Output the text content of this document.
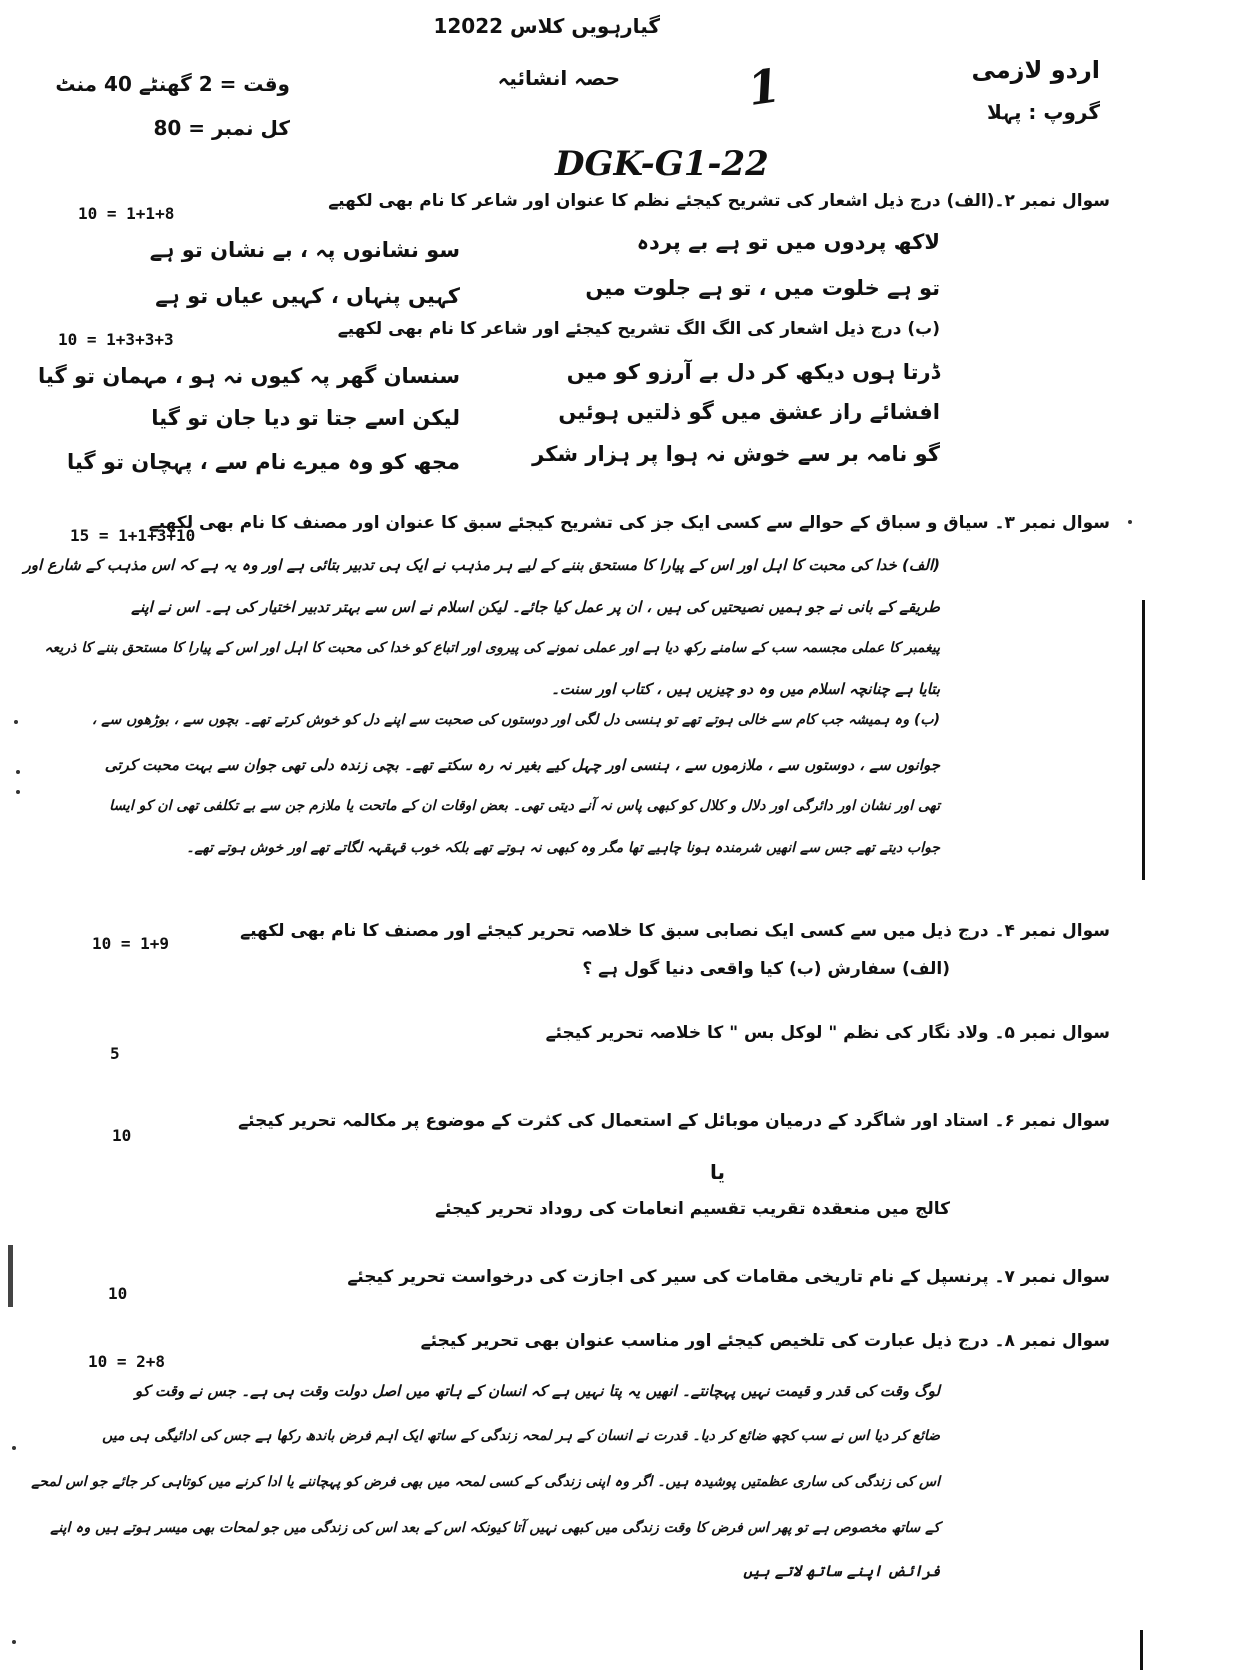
گیارہویں کلاس 12022
اردو لازمی
گروپ : پہلا
حصہ انشائیہ
وقت = 2 گھنٹے 40 منٹ
کل نمبر = 80
1
DGK-G1-22
سوال نمبر ۲۔(الف) درج ذیل اشعار کی تشریح کیجئے نظم کا عنوان اور شاعر کا نام بھی لکھیے
10 = 1+1+8
لاکھ پردوں میں تو ہے بے پردہ
سو نشانوں پہ ، بے نشان تو ہے
تو ہے خلوت میں ، تو ہے جلوت میں
کہیں پنہاں ، کہیں عیاں تو ہے
(ب) درج ذیل اشعار کی الگ الگ تشریح کیجئے اور شاعر کا نام بھی لکھیے
10 = 1+3+3+3
ڈرتا ہوں دیکھ کر دل بے آرزو کو میں
سنسان گھر پہ کیوں نہ ہو ، مہمان تو گیا
افشائے راز عشق میں گو ذلتیں ہوئیں
لیکن اسے جتا تو دیا جان تو گیا
گو نامہ بر سے خوش نہ ہوا پر ہزار شکر
مجھ کو وہ میرے نام سے ، پہچان تو گیا
سوال نمبر ۳۔ سیاق و سباق کے حوالے سے کسی ایک جز کی تشریح کیجئے سبق کا عنوان اور مصنف کا نام بھی لکھیے
15 = 1+1+3+10
(الف) خدا کی محبت کا اہل اور اس کے پیارا کا مستحق بننے کے لیے ہر مذہب نے ایک ہی تدبیر بتائی ہے اور وہ یہ ہے کہ اس مذہب کے شارع اور
طریقے کے بانی نے جو ہمیں نصیحتیں کی ہیں ، ان پر عمل کیا جائے۔ لیکن اسلام نے اس سے بہتر تدبیر اختیار کی ہے۔ اس نے اپنے
پیغمبر کا عملی مجسمہ سب کے سامنے رکھ دیا ہے اور عملی نمونے کی پیروی اور اتباع کو خدا کی محبت کا اہل اور اس کے پیارا کا مستحق بننے کا ذریعہ
بتایا ہے چنانچہ اسلام میں وہ دو چیزیں ہیں ، کتاب اور سنت۔
(ب) وہ ہمیشہ جب کام سے خالی ہوتے تھے تو ہنسی دل لگی اور دوستوں کی صحبت سے اپنے دل کو خوش کرتے تھے۔ بچوں سے ، بوڑھوں سے ،
جوانوں سے ، دوستوں سے ، ملازموں سے ، ہنسی اور چہل کیے بغیر نہ رہ سکتے تھے۔ بچی زندہ دلی تھی جوان سے بہت محبت کرتی
تھی اور نشان اور دائرگی اور دلال و کلال کو کبھی پاس نہ آنے دیتی تھی۔ بعض اوقات ان کے ماتحت یا ملازم جن سے بے تکلفی تھی ان کو ایسا
جواب دیتے تھے جس سے انھیں شرمندہ ہونا چاہیے تھا مگر وہ کبھی نہ ہوتے تھے بلکہ خوب قہقہہ لگاتے تھے اور خوش ہوتے تھے۔
سوال نمبر ۴۔ درج ذیل میں سے کسی ایک نصابی سبق کا خلاصہ تحریر کیجئے اور مصنف کا نام بھی لکھیے
10 = 1+9
(الف) سفارش (ب) کیا واقعی دنیا گول ہے ؟
سوال نمبر ۵۔ ولاد نگار کی نظم " لوکل بس " کا خلاصہ تحریر کیجئے
5
سوال نمبر ۶۔ استاد اور شاگرد کے درمیان موبائل کے استعمال کی کثرت کے موضوع پر مکالمہ تحریر کیجئے
10
یا
کالج میں منعقدہ تقریب تقسیم انعامات کی روداد تحریر کیجئے
سوال نمبر ۷۔ پرنسپل کے نام تاریخی مقامات کی سیر کی اجازت کی درخواست تحریر کیجئے
10
سوال نمبر ۸۔ درج ذیل عبارت کی تلخیص کیجئے اور مناسب عنوان بھی تحریر کیجئے
10 = 2+8
لوگ وقت کی قدر و قیمت نہیں پہچانتے۔ انھیں یہ پتا نہیں ہے کہ انسان کے ہاتھ میں اصل دولت وقت ہی ہے۔ جس نے وقت کو
ضائع کر دیا اس نے سب کچھ ضائع کر دیا۔ قدرت نے انسان کے ہر لمحہ زندگی کے ساتھ ایک اہم فرض باندھ رکھا ہے جس کی ادائیگی ہی میں
اس کی زندگی کی ساری عظمتیں پوشیدہ ہیں۔ اگر وہ اپنی زندگی کے کسی لمحہ میں بھی فرض کو پہچاننے یا ادا کرنے میں کوتاہی کر جائے جو اس لمحے
کے ساتھ مخصوص ہے تو پھر اس فرض کا وقت زندگی میں کبھی نہیں آتا کیونکہ اس کے بعد اس کی زندگی میں جو لمحات بھی میسر ہوتے ہیں وہ اپنے
فرائض اپنے ساتھ لاتے ہیں
